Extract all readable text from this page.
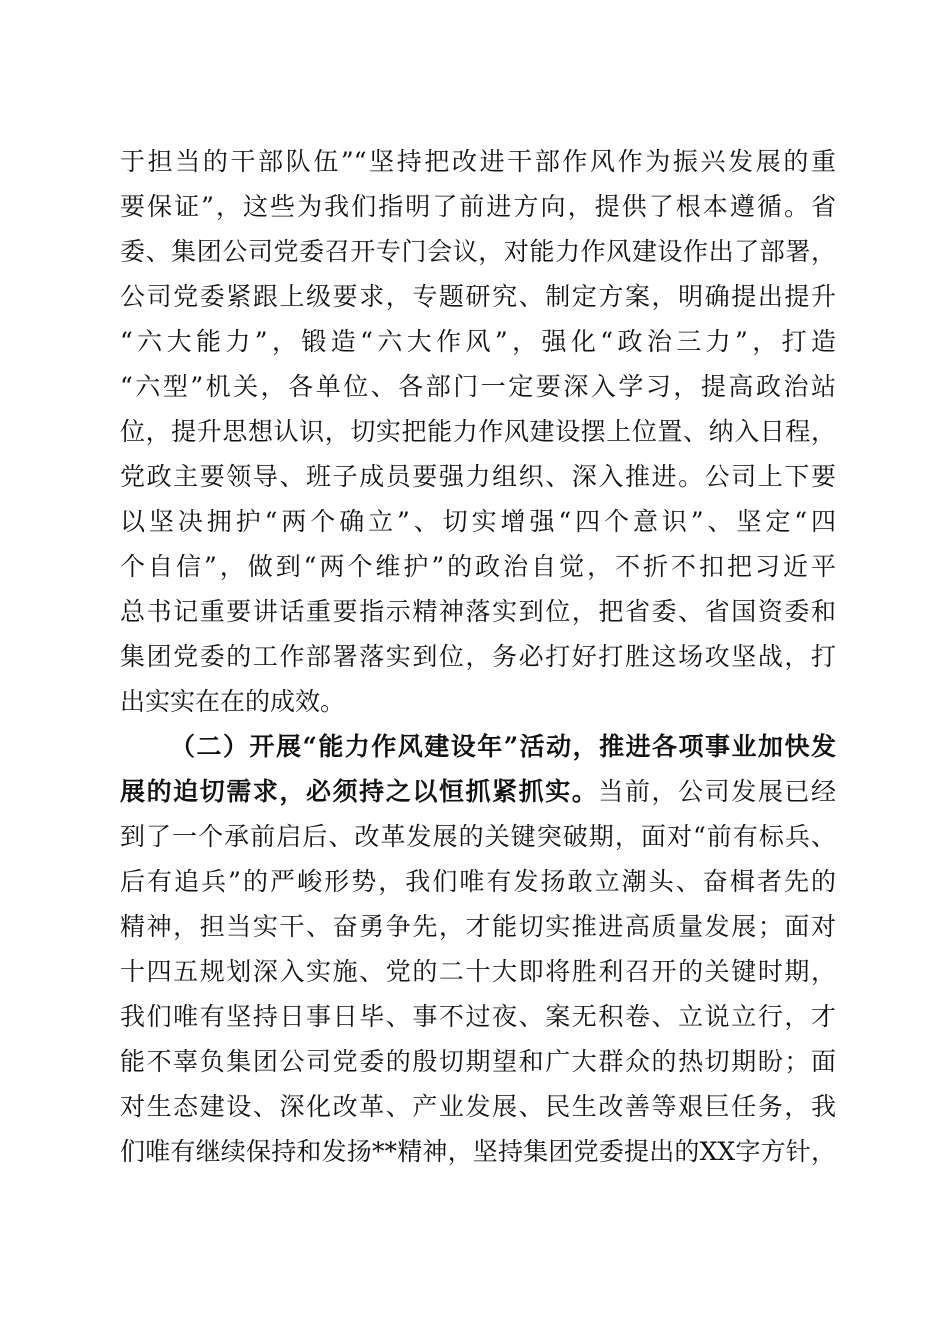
于担当的干部队伍”“坚持把改进干部作风作为振兴发展的重
要保证”，这些为我们指明了前进方向，提供了根本遵循。省
委、集团公司党委召开专门会议，对能力作风建设作出了部署，
公司党委紧跟上级要求，专题研究、制定方案，明确提出提升
“六大能力”，锻造“六大作风”，强化“政治三力”，打造
“六型”机关，各单位、各部门一定要深入学习，提高政治站
位，提升思想认识，切实把能力作风建设摆上位置、纳入日程，
党政主要领导、班子成员要强力组织、深入推进。公司上下要
以坚决拥护“两个确立”、切实增强“四个意识”、坚定“四
个自信”，做到“两个维护”的政治自觉，不折不扣把习近平
总书记重要讲话重要指示精神落实到位，把省委、省国资委和
集团党委的工作部署落实到位，务必打好打胜这场攻坚战，打
出实实在在的成效。
（二）开展“能力作风建设年”活动，推进各项事业加快发
展的迫切需求，必须持之以恒抓紧抓实。当前，公司发展已经
到了一个承前启后、改革发展的关键突破期，面对“前有标兵、
后有追兵”的严峻形势，我们唯有发扬敢立潮头、奋楫者先的
精神，担当实干、奋勇争先，才能切实推进高质量发展；面对
十四五规划深入实施、党的二十大即将胜利召开的关键时期，
我们唯有坚持日事日毕、事不过夜、案无积卷、立说立行，才
能不辜负集团公司党委的殷切期望和广大群众的热切期盼；面
对生态建设、深化改革、产业发展、民生改善等艰巨任务，我
们唯有继续保持和发扬**精神，坚持集团党委提出的XX字方针，
